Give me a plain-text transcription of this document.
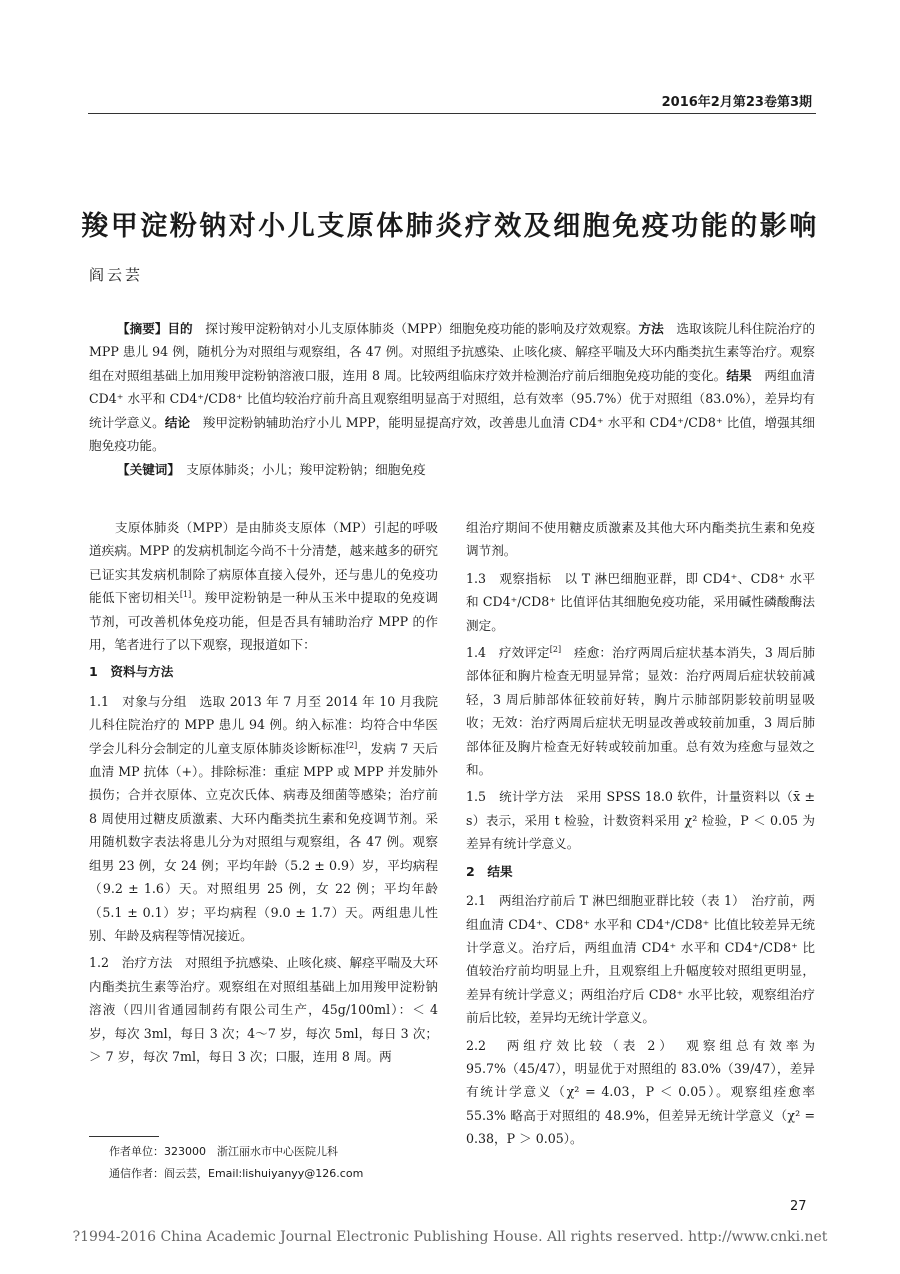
2016年2月第23卷第3期
羧甲淀粉钠对小儿支原体肺炎疗效及细胞免疫功能的影响
阎云芸
【摘要】目的　 探讨羧甲淀粉钠对小儿支原体肺炎（MPP）细胞免疫功能的影响及疗效观察。方法　 选取该院儿科住院治疗的 MPP 患儿 94 例，随机分为对照组与观察组，各 47 例。对照组予抗感染、止咳化痰、解痉平喘及大环内酯类抗生素等治疗。观察组在对照组基础上加用羧甲淀粉钠溶液口服，连用 8 周。比较两组临床疗效并检测治疗前后细胞免疫功能的变化。结果　 两组血清 CD4⁺ 水平和 CD4⁺/CD8⁺ 比值均较治疗前升高且观察组明显高于对照组，总有效率（95.7%）优于对照组（83.0%），差异均有统计学意义。结论　 羧甲淀粉钠辅助治疗小儿 MPP，能明显提高疗效，改善患儿血清 CD4⁺ 水平和 CD4⁺/CD8⁺ 比值，增强其细胞免疫功能。
【关键词】　 支原体肺炎；小儿；羧甲淀粉钠；细胞免疫

支原体肺炎（MPP）是由肺炎支原体（MP）引起的呼吸道疾病。MPP 的发病机制迄今尚不十分清楚，越来越多的研究已证实其发病机制除了病原体直接入侵外，还与患儿的免疫功能低下密切相关[1]。羧甲淀粉钠是一种从玉米中提取的免疫调节剂，可改善机体免疫功能，但是否具有辅助治疗 MPP 的作用，笔者进行了以下观察，现报道如下：

1　资料与方法

1.1　对象与分组　 选取 2013 年 7 月至 2014 年 10 月我院儿科住院治疗的 MPP 患儿 94 例。纳入标准：均符合中华医学会儿科分会制定的儿童支原体肺炎诊断标准[2]，发病 7 天后血清 MP 抗体（+）。排除标准：重症 MPP 或 MPP 并发肺外损伤；合并衣原体、立克次氏体、病毒及细菌等感染；治疗前 8 周使用过糖皮质激素、大环内酯类抗生素和免疫调节剂。采用随机数字表法将患儿分为对照组与观察组，各 47 例。观察组男 23 例，女 24 例；平均年龄（5.2 ± 0.9）岁，平均病程（9.2 ± 1.6）天。对照组男 25 例，女 22 例；平均年龄（5.1 ± 0.1）岁；平均病程（9.0 ± 1.7）天。两组患儿性别、年龄及病程等情况接近。

1.2　治疗方法　 对照组予抗感染、止咳化痰、解痉平喘及大环内酯类抗生素等治疗。观察组在对照组基础上加用羧甲淀粉钠溶液（四川省通园制药有限公司生产，45g/100ml）：＜ 4 岁，每次 3ml，每日 3 次；4～7 岁，每次 5ml，每日 3 次；＞ 7 岁，每次 7ml，每日 3 次；口服，连用 8 周。两

作者单位：323000　浙江丽水市中心医院儿科
通信作者：阎云芸，Email:lishuiyanyy@126.com

组治疗期间不使用糖皮质激素及其他大环内酯类抗生素和免疫调节剂。

1.3　观察指标　 以 T 淋巴细胞亚群，即 CD4⁺、CD8⁺ 水平和 CD4⁺/CD8⁺ 比值评估其细胞免疫功能，采用碱性磷酸酶法测定。

1.4　疗效评定[2]　 痊愈：治疗两周后症状基本消失，3 周后肺部体征和胸片检查无明显异常；显效：治疗两周后症状较前减轻，3 周后肺部体征较前好转，胸片示肺部阴影较前明显吸收；无效：治疗两周后症状无明显改善或较前加重，3 周后肺部体征及胸片检查无好转或较前加重。总有效为痊愈与显效之和。

1.5　统计学方法　 采用 SPSS 18.0 软件，计量资料以（x̄ ± s）表示，采用 t 检验，计数资料采用 χ² 检验，P ＜ 0.05 为差异有统计学意义。

2　结果

2.1　两组治疗前后 T 淋巴细胞亚群比较（表 1）　 治疗前，两组血清 CD4⁺、CD8⁺ 水平和 CD4⁺/CD8⁺ 比值比较差异无统计学意义。治疗后，两组血清 CD4⁺ 水平和 CD4⁺/CD8⁺ 比值较治疗前均明显上升，且观察组上升幅度较对照组更明显，差异有统计学意义；两组治疗后 CD8⁺ 水平比较，观察组治疗前后比较，差异均无统计学意义。

2.2　两组疗效比较（表 2）　 观察组总有效率为 95.7%（45/47），明显优于对照组的 83.0%（39/47），差异有统计学意义（χ² = 4.03，P ＜ 0.05）。观察组痊愈率 55.3% 略高于对照组的 48.9%，但差异无统计学意义（χ² = 0.38，P ＞ 0.05）。

27
?1994-2016 China Academic Journal Electronic Publishing House. All rights reserved. http://www.cnki.net
